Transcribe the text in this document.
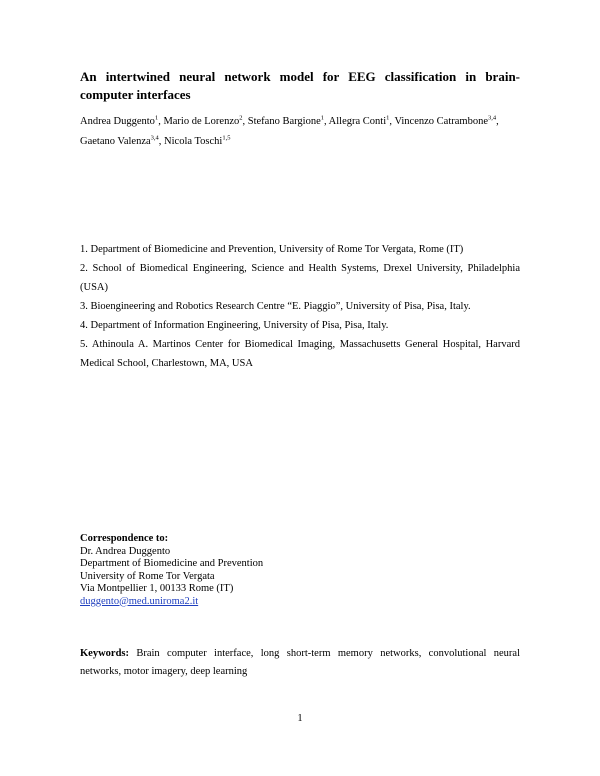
An intertwined neural network model for EEG classification in brain-computer interfaces
Andrea Duggento$^1$, Mario de Lorenzo$^2$, Stefano Bargione$^1$, Allegra Conti$^1$, Vincenzo Catrambone$^{3,4}$,
Gaetano Valenza$^{3,4}$, Nicola Toschi$^{1,5}$
1. Department of Biomedicine and Prevention, University of Rome Tor Vergata, Rome (IT)
2. School of Biomedical Engineering, Science and Health Systems, Drexel University, Philadelphia (USA)
3. Bioengineering and Robotics Research Centre “E. Piaggio”, University of Pisa, Pisa, Italy.
4. Department of Information Engineering, University of Pisa, Pisa, Italy.
5. Athinoula A. Martinos Center for Biomedical Imaging, Massachusetts General Hospital, Harvard Medical School, Charlestown, MA, USA
Correspondence to:
Dr. Andrea Duggento
Department of Biomedicine and Prevention
University of Rome Tor Vergata
Via Montpellier 1, 00133 Rome (IT)
duggento@med.uniroma2.it
Keywords: Brain computer interface, long short-term memory networks, convolutional neural networks, motor imagery, deep learning
1
